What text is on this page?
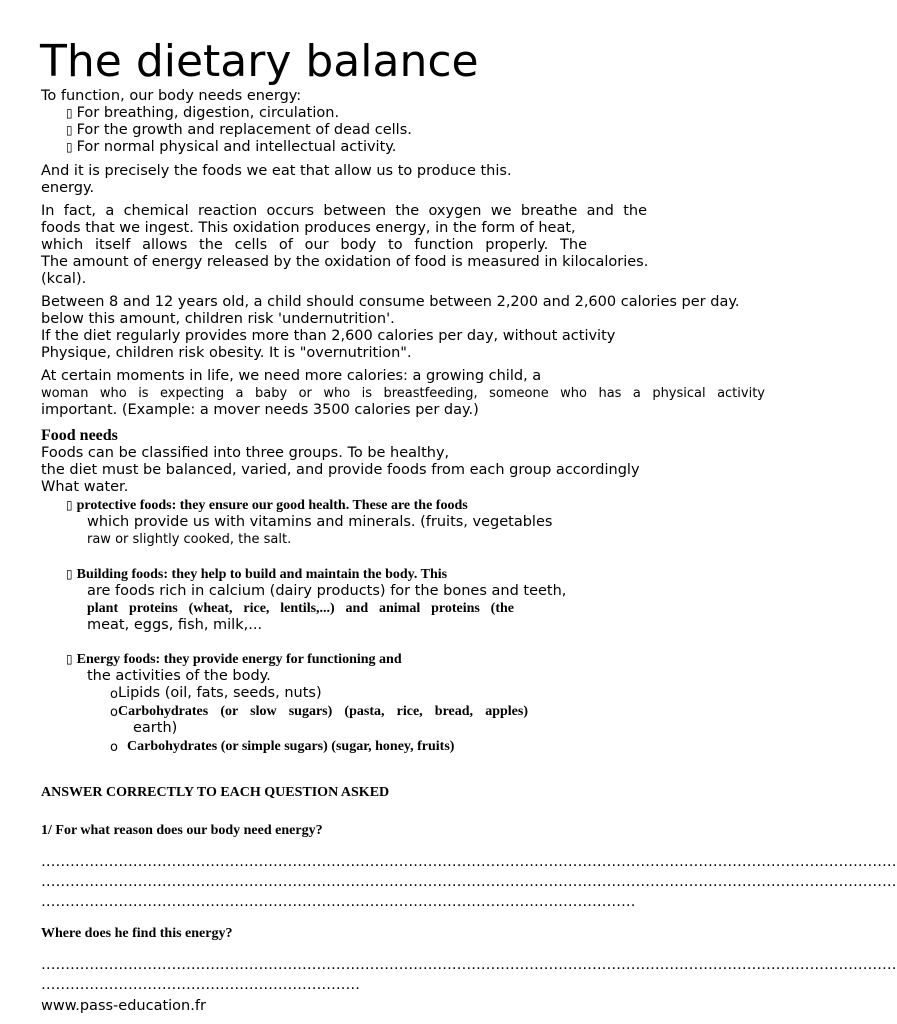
The dietary balance
To function, our body needs energy:
▯ For breathing, digestion, circulation.
▯ For the growth and replacement of dead cells.
▯ For normal physical and intellectual activity.
And it is precisely the foods we eat that allow us to produce this.
energy.
In fact, a chemical reaction occurs between the oxygen we breathe and the
foods that we ingest. This oxidation produces energy, in the form of heat,
which itself allows the cells of our body to function properly. The
The amount of energy released by the oxidation of food is measured in kilocalories.
(kcal).
Between 8 and 12 years old, a child should consume between 2,200 and 2,600 calories per day.
below this amount, children risk 'undernutrition'.
If the diet regularly provides more than 2,600 calories per day, without activity
Physique, children risk obesity. It is "overnutrition".
At certain moments in life, we need more calories: a growing child, a
woman who is expecting a baby or who is breastfeeding, someone who has a physical activity
important. (Example: a mover needs 3500 calories per day.)
Food needs
Foods can be classified into three groups. To be healthy,
the diet must be balanced, varied, and provide foods from each group accordingly
What water.
▯ protective foods: they ensure our good health. These are the foods
which provide us with vitamins and minerals. (fruits, vegetables
raw or slightly cooked, the salt.
▯ Building foods: they help to build and maintain the body. This
are foods rich in calcium (dairy products) for the bones and teeth,
plant proteins (wheat, rice, lentils,...) and animal proteins (the
meat, eggs, fish, milk,...
▯ Energy foods: they provide energy for functioning and
the activities of the body.
o Lipids (oil, fats, seeds, nuts)
o Carbohydrates (or slow sugars) (pasta, rice, bread, apples)
earth)
o Carbohydrates (or simple sugars) (sugar, honey, fruits)
ANSWER CORRECTLY TO EACH QUESTION ASKED
1/ For what reason does our body need energy?
……………………………………………………………………………………………………………………………………………………………
……………………………………………………………………………………………………………………………………………………………
……………………………………………………………………………………………………………
Where does he find this energy?
……………………………………………………………………………………………………………………………………………………………
…………………………………………………………
www.pass-education.fr
